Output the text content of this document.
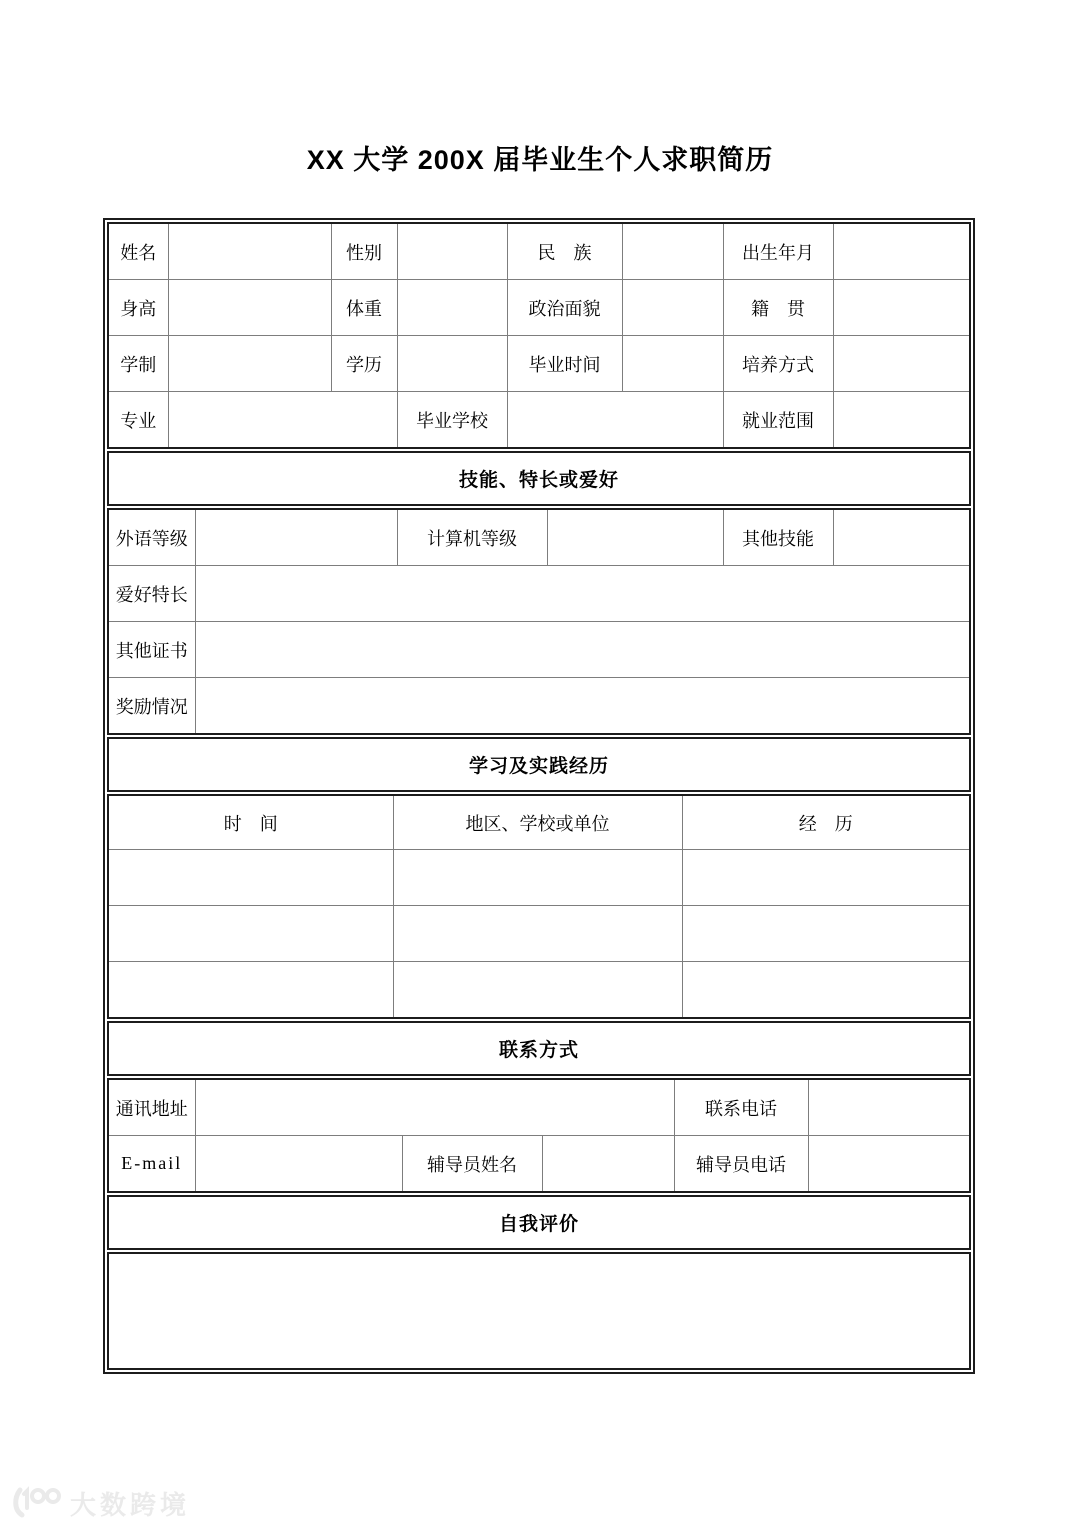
XX 大学 200X 届毕业生个人求职简历
姓名		性别		民　族		出生年月	
身高		体重		政治面貌		籍　贯	
学制		学历		毕业时间		培养方式	
专业			毕业学校			就业范围	
技能、特长或爱好
外语等级		计算机等级		其他技能	
爱好特长					
其他证书					
奖励情况					
学习及实践经历
时　间	地区、学校或单位	经　历

联系方式
通讯地址				联系电话	
E-mail		辅导员姓名		辅导员电话	
自我评价
大数跨境
